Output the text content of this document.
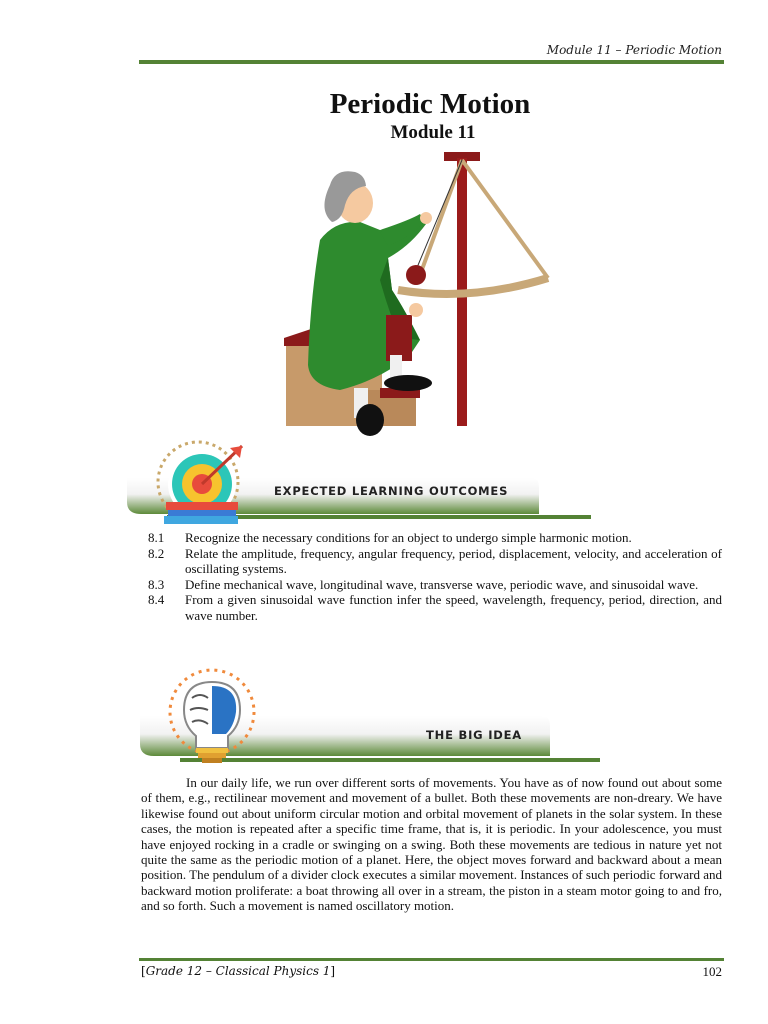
Module 11 – Periodic Motion
Periodic Motion
Module 11
EXPECTED LEARNING OUTCOMES
8.1	Recognize the necessary conditions for an object to undergo simple harmonic motion.
8.2	Relate the amplitude, frequency, angular frequency, period, displacement, velocity, and acceleration of oscillating systems.
8.3	Define mechanical wave, longitudinal wave, transverse wave, periodic wave, and sinusoidal wave.
8.4	From a given sinusoidal wave function infer the speed, wavelength, frequency, period, direction, and wave number.
THE BIG IDEA
In our daily life, we run over different sorts of movements. You have as of now found out about some of them, e.g., rectilinear movement and movement of a bullet. Both these movements are non-dreary. We have likewise found out about uniform circular motion and orbital movement of planets in the solar system. In these cases, the motion is repeated after a specific time frame, that is, it is periodic. In your adolescence, you must have enjoyed rocking in a cradle or swinging on a swing. Both these movements are tedious in nature yet not quite the same as the periodic motion of a planet. Here, the object moves forward and backward about a mean position. The pendulum of a divider clock executes a similar movement. Instances of such periodic forward and backward motion proliferate: a boat throwing all over in a stream, the piston in a steam motor going to and fro, and so forth. Such a movement is named oscillatory motion.
[Grade 12 – Classical Physics 1]	102
